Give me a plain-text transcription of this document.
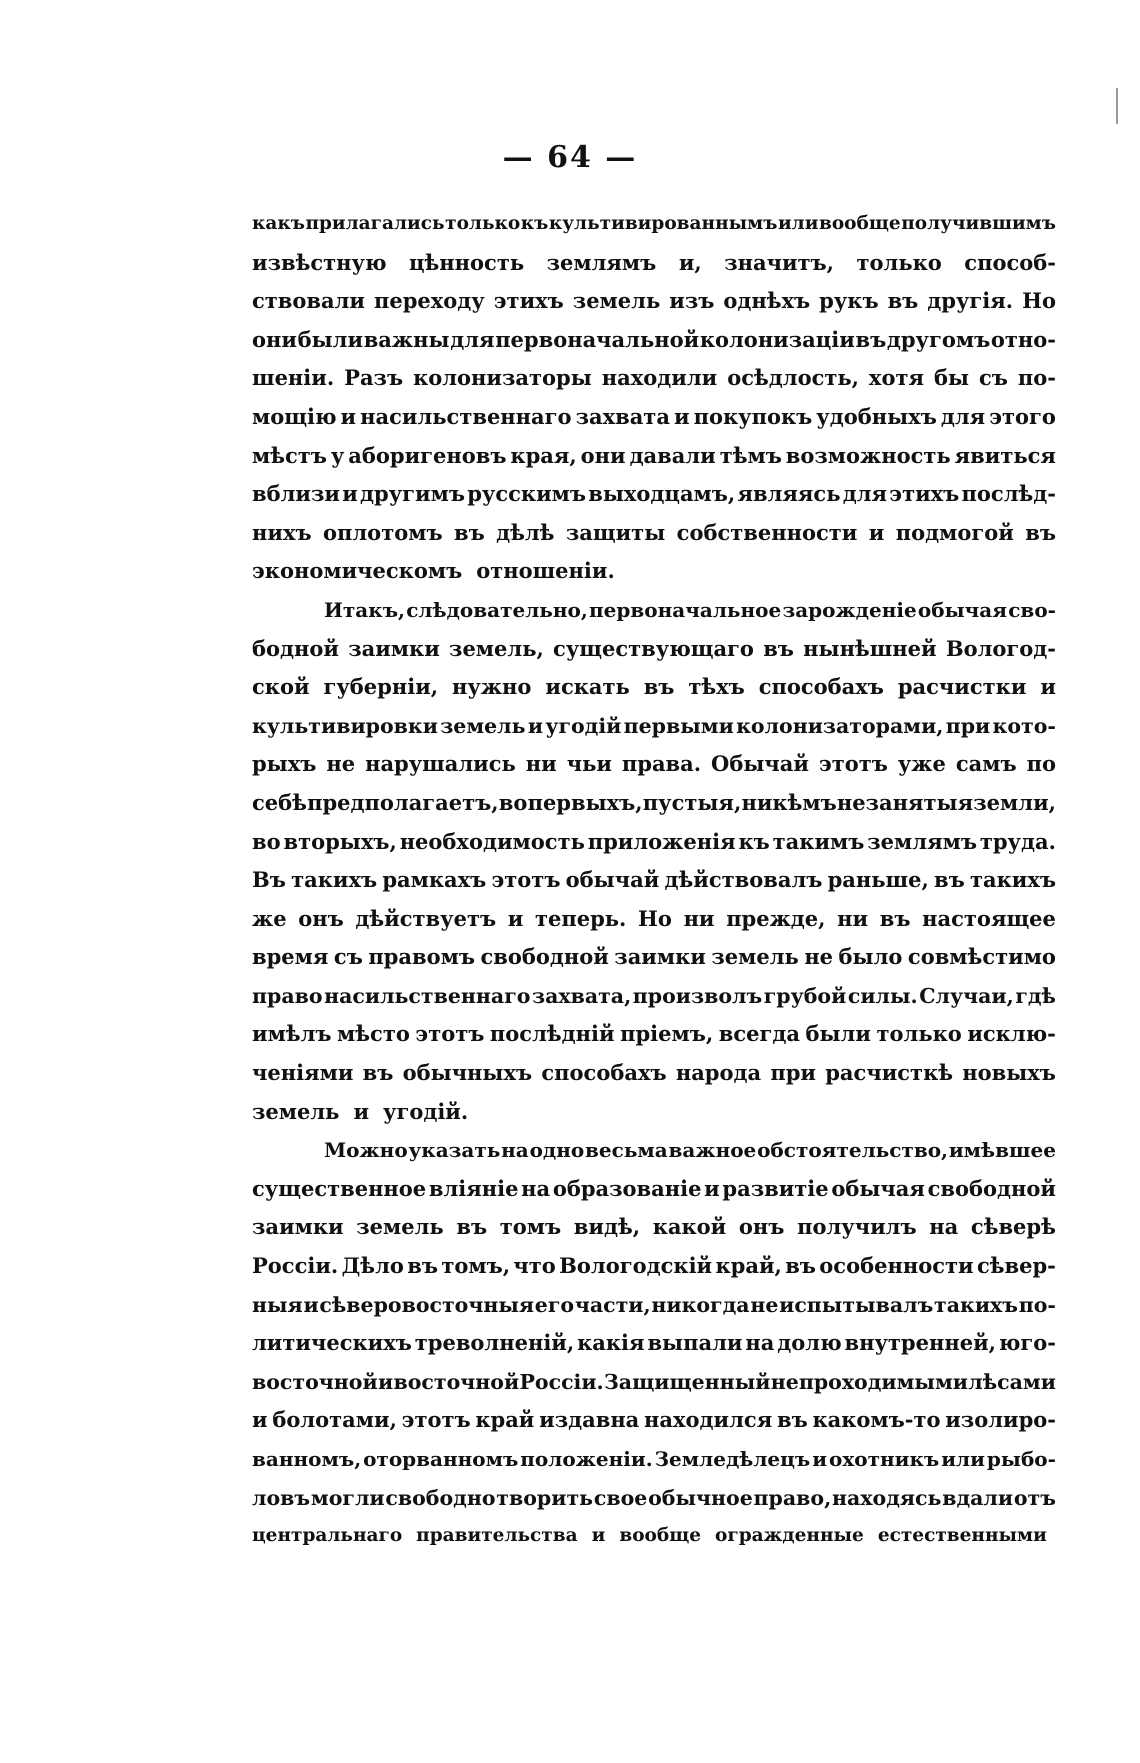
— 64 —
какъ прилагались только къ культивированнымъ или вообще получившимъ
извѣстную цѣнность землямъ и, значитъ, только способ-
ствовали переходу этихъ земель изъ однѣхъ рукъ въ другія. Но
они были важны для первоначальной колонизаціи въ другомъ отно-
шеніи. Разъ колонизаторы находили осѣдлость, хотя бы съ по-
мощію и насильственнаго захвата и покупокъ удобныхъ для этого
мѣстъ у аборигеновъ края, они давали тѣмъ возможность явиться
вблизи и другимъ русскимъ выходцамъ, являясь для этихъ послѣд-
нихъ оплотомъ въ дѣлѣ защиты собственности и подмогой въ
экономическомъ отношеніи.
Итакъ, слѣдовательно, первоначальное зарожденіе обычая сво-
бодной заимки земель, существующаго въ нынѣшней Вологод-
ской губерніи, нужно искать въ тѣхъ способахъ расчистки и
культивировки земель и угодій первыми колонизаторами, при кото-
рыхъ не нарушались ни чьи права. Обычай этотъ уже самъ по
себѣ предполагаетъ, во первыхъ, пустыя, никѣмъ незанятыя земли,
во вторыхъ, необходимость приложенія къ такимъ землямъ труда.
Въ такихъ рамкахъ этотъ обычай дѣйствовалъ раньше, въ такихъ
же онъ дѣйствуетъ и теперь. Но ни прежде, ни въ настоящее
время съ правомъ свободной заимки земель не было совмѣстимо
право насильственнаго захвата, произволъ грубой силы. Случаи, гдѣ
имѣлъ мѣсто этотъ послѣдній пріемъ, всегда были только исклю-
ченіями въ обычныхъ способахъ народа при расчисткѣ новыхъ
земель и угодій.
Можно указать на одно весьма важное обстоятельство, имѣвшее
существенное вліяніе на образованіе и развитіе обычая свободной
заимки земель въ томъ видѣ, какой онъ получилъ на сѣверѣ
Россіи. Дѣло въ томъ, что Вологодскій край, въ особенности сѣвер-
ныя и сѣверовосточныя его части, никогда не испытывалъ такихъ по-
литическихъ треволненій, какія выпали на долю внутренней, юго-
восточной и восточной Россіи. Защищенный непроходимыми лѣсами
и болотами, этотъ край издавна находился въ какомъ-то изолиро-
ванномъ, оторванномъ положеніи. Земледѣлецъ и охотникъ или рыбо-
ловъ могли свободно творить свое обычное право, находясь вдали отъ
центральнаго правительства и вообще огражденные естественными
